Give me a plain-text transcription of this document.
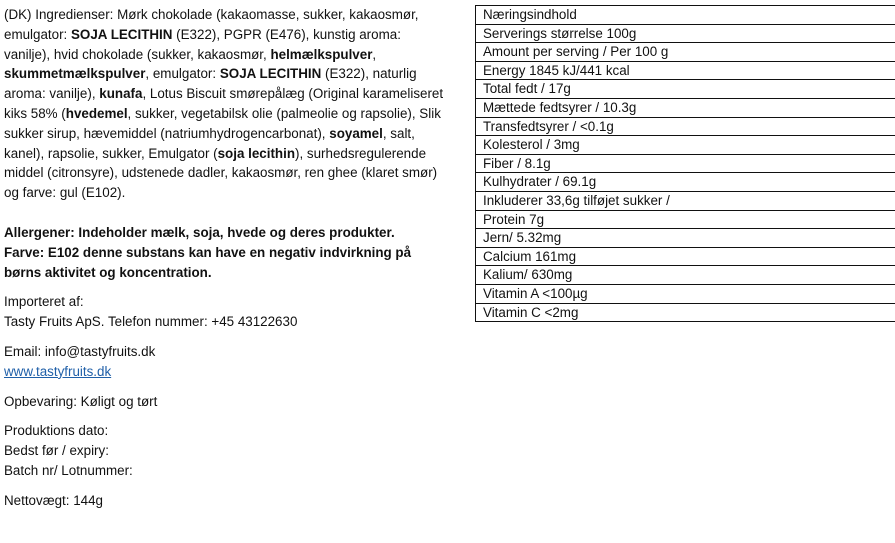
(DK) Ingredienser: Mørk chokolade (kakaomasse, sukker, kakaosmør, emulgator: SOJA LECITHIN (E322), PGPR (E476), kunstig aroma: vanilje), hvid chokolade (sukker, kakaosmør, helmælkspulver, skummetmælkspulver, emulgator: SOJA LECITHIN (E322), naturlig aroma: vanilje), kunafa, Lotus Biscuit smørepålæg (Original karameliseret kiks 58% (hvedemel, sukker, vegetabilsk olie (palmeolie og rapsolie), Slik sukker sirup, hævemiddel (natriumhydrogencarbonat), soyamel, salt, kanel), rapsolie, sukker, Emulgator (soja lecithin), surhedsregulerende middel (citronsyre), udstenede dadler, kakaosmør, ren ghee (klaret smør) og farve: gul (E102).

Allergener: Indeholder mælk, soja, hvede og deres produkter.
Farve: E102 denne substans kan have en negativ indvirkning på børns aktivitet og koncentration.
Importeret af:
Tasty Fruits ApS. Telefon nummer: +45 43122630
Email: info@tastyfruits.dk
www.tastyfruits.dk
Opbevaring: Køligt og tørt
Produktions dato:
Bedst før / expiry:
Batch nr/ Lotnummer:
Nettovægt: 144g
Næringsindhold
Serverings størrelse 100g
Amount per serving / Per 100 g
Energy 1845 kJ/441 kcal
Total fedt / 17g
Mættede fedtsyrer / 10.3g
Transfedtsyrer / <0.1g
Kolesterol / 3mg
Fiber / 8.1g
Kulhydrater / 69.1g
Inkluderer 33,6g tilføjet sukker /
Protein 7g
Jern/ 5.32mg
Calcium 161mg
Kalium/ 630mg
Vitamin A <100µg
Vitamin C <2mg
